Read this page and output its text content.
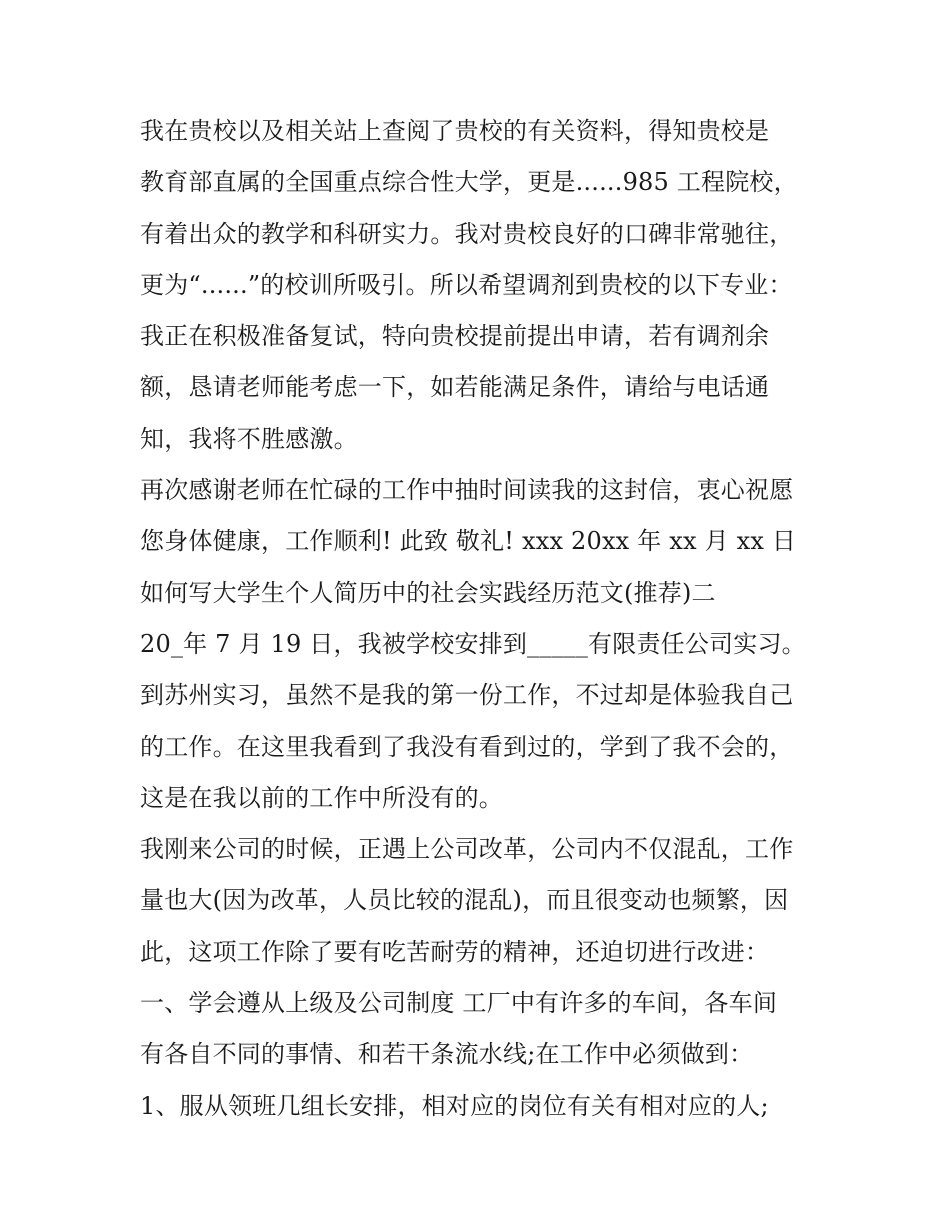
我在贵校以及相关站上查阅了贵校的有关资料，得知贵校是
教育部直属的全国重点综合性大学，更是......985 工程院校，
有着出众的教学和科研实力。我对贵校良好的口碑非常驰往，
更为“......”的校训所吸引。所以希望调剂到贵校的以下专业：
我正在积极准备复试，特向贵校提前提出申请，若有调剂余
额，恳请老师能考虑一下，如若能满足条件，请给与电话通
知，我将不胜感激。
再次感谢老师在忙碌的工作中抽时间读我的这封信，衷心祝愿
您身体健康，工作顺利! 此致 敬礼! xxx 20xx 年 xx 月 xx 日
如何写大学生个人简历中的社会实践经历范文(推荐)二
20_年 7 月 19 日，我被学校安排到_____有限责任公司实习。
到苏州实习，虽然不是我的第一份工作，不过却是体验我自己
的工作。在这里我看到了我没有看到过的，学到了我不会的，
这是在我以前的工作中所没有的。
我刚来公司的时候，正遇上公司改革，公司内不仅混乱，工作
量也大(因为改革，人员比较的混乱)，而且很变动也频繁，因
此，这项工作除了要有吃苦耐劳的精神，还迫切进行改进：
一、学会遵从上级及公司制度 工厂中有许多的车间，各车间
有各自不同的事情、和若干条流水线;在工作中必须做到：
1、服从领班几组长安排，相对应的岗位有关有相对应的人;
